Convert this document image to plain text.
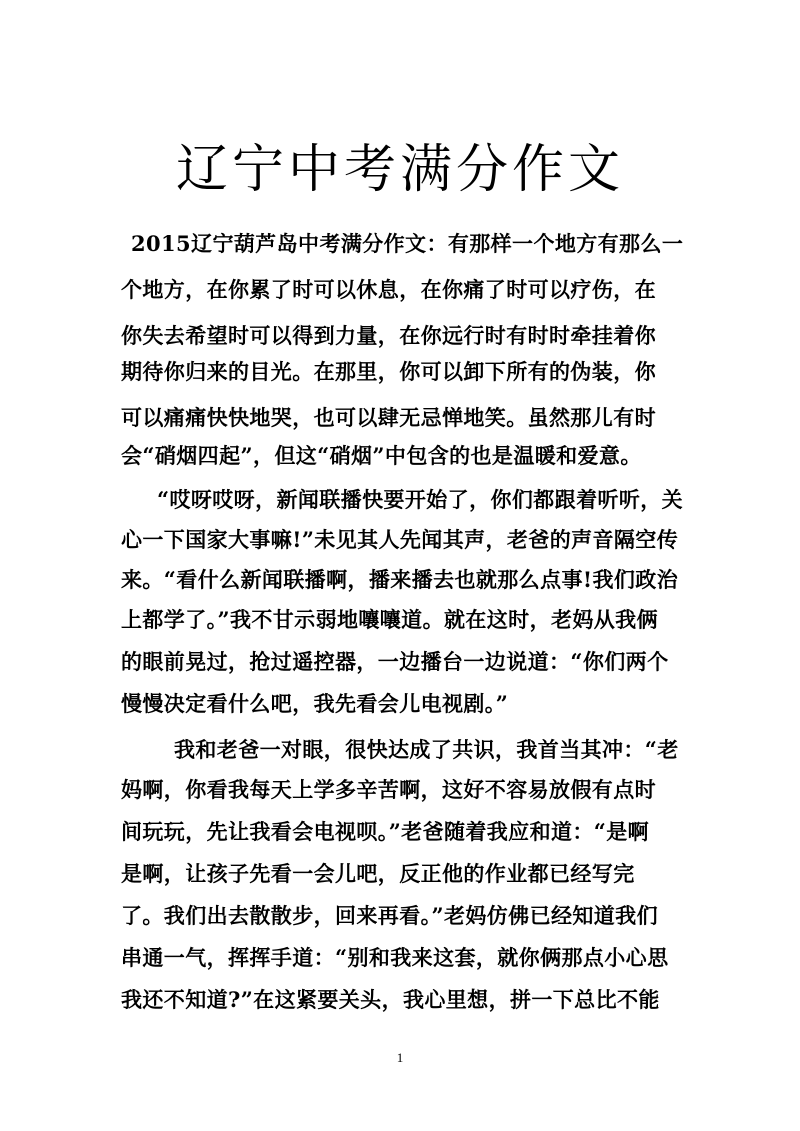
辽宁中考满分作文
2015辽宁葫芦岛中考满分作文：有那样一个地方有那么一
个地方，在你累了时可以休息，在你痛了时可以疗伤，在
你失去希望时可以得到力量，在你远行时有时时牵挂着你
期待你归来的目光。在那里，你可以卸下所有的伪装，你
可以痛痛快快地哭，也可以肆无忌惮地笑。虽然那儿有时
会“硝烟四起”，但这“硝烟”中包含的也是温暖和爱意。
“哎呀哎呀，新闻联播快要开始了，你们都跟着听听，关
心一下国家大事嘛!”未见其人先闻其声，老爸的声音隔空传
来。“看什么新闻联播啊，播来播去也就那么点事!我们政治
上都学了。”我不甘示弱地嚷嚷道。就在这时，老妈从我俩
的眼前晃过，抢过遥控器，一边播台一边说道：“你们两个
慢慢决定看什么吧，我先看会儿电视剧。”
我和老爸一对眼，很快达成了共识，我首当其冲：“老
妈啊，你看我每天上学多辛苦啊，这好不容易放假有点时
间玩玩，先让我看会电视呗。”老爸随着我应和道：“是啊
是啊，让孩子先看一会儿吧，反正他的作业都已经写完
了。我们出去散散步，回来再看。”老妈仿佛已经知道我们
串通一气，挥挥手道：“别和我来这套，就你俩那点小心思
我还不知道?”在这紧要关头，我心里想，拼一下总比不能
1
